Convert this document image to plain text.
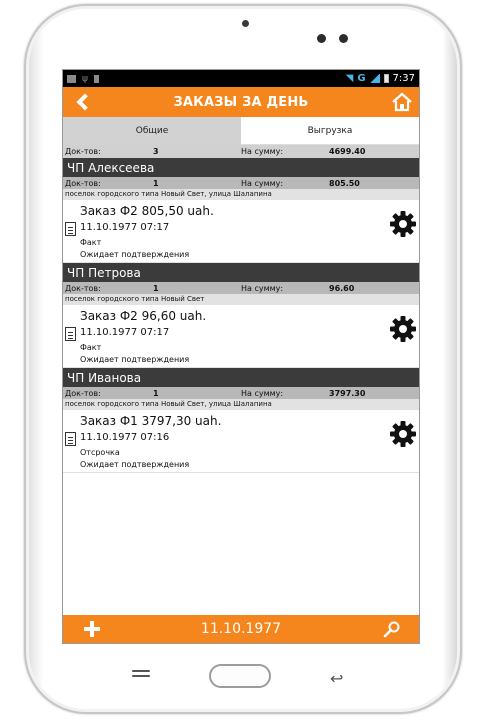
ψ	◥ G	7:37
ЗАКАЗЫ ЗА ДЕНЬ
Общие	Выгрузка
Док-тов:	3	На сумму:	4699.40
ЧП Алексеева
Док-тов:	1	На сумму:	805.50
поселок городского типа Новый Свет, улица Шалапина
Заказ Ф2 805,50 uah.
11.10.1977 07:17
Факт
Ожидает подтверждения
ЧП Петрова
Док-тов:	1	На сумму:	96.60
поселок городского типа Новый Свет
Заказ Ф2 96,60 uah.
11.10.1977 07:17
Факт
Ожидает подтверждения
ЧП Иванова
Док-тов:	1	На сумму:	3797.30
поселок городского типа Новый Свет, улица Шалапина
Заказ Ф1 3797,30 uah.
11.10.1977 07:16
Отсрочка
Ожидает подтверждения
11.10.1977
↩
